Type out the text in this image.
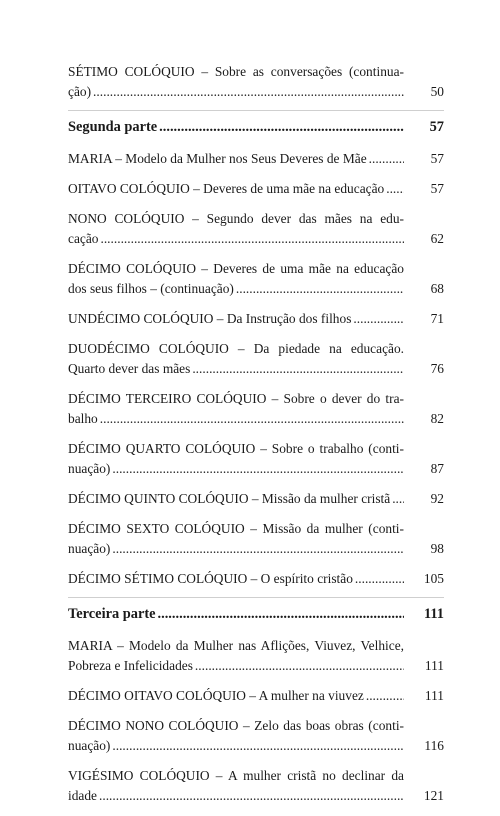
SÉTIMO COLÓQUIO – Sobre as conversações (continua-
ção) .....	50
Segunda parte .....	57
MARIA – Modelo da Mulher nos Seus Deveres de Mãe .....	57
OITAVO COLÓQUIO – Deveres de uma mãe na educação .....	57
NONO COLÓQUIO – Segundo dever das mães na edu-
cação .....	62
DÉCIMO COLÓQUIO – Deveres de uma mãe na educação
dos seus filhos – (continuação) .....	68
UNDÉCIMO COLÓQUIO – Da Instrução dos filhos .....	71
DUODÉCIMO COLÓQUIO – Da piedade na educação.
Quarto dever das mães .....	76
DÉCIMO TERCEIRO COLÓQUIO – Sobre o dever do tra-
balho .....	82
DÉCIMO QUARTO COLÓQUIO – Sobre o trabalho (conti-
nuação) .....	87
DÉCIMO QUINTO COLÓQUIO – Missão da mulher cristã .....	92
DÉCIMO SEXTO COLÓQUIO – Missão da mulher (conti-
nuação) .....	98
DÉCIMO SÉTIMO COLÓQUIO – O espírito cristão .....	105
Terceira parte .....	111
MARIA – Modelo da Mulher nas Aflições, Viuvez, Velhice,
Pobreza e Infelicidades .....	111
DÉCIMO OITAVO COLÓQUIO – A mulher na viuvez .....	111
DÉCIMO NONO COLÓQUIO – Zelo das boas obras (conti-
nuação) .....	116
VIGÉSIMO COLÓQUIO – A mulher cristã no declinar da
idade .....	121
